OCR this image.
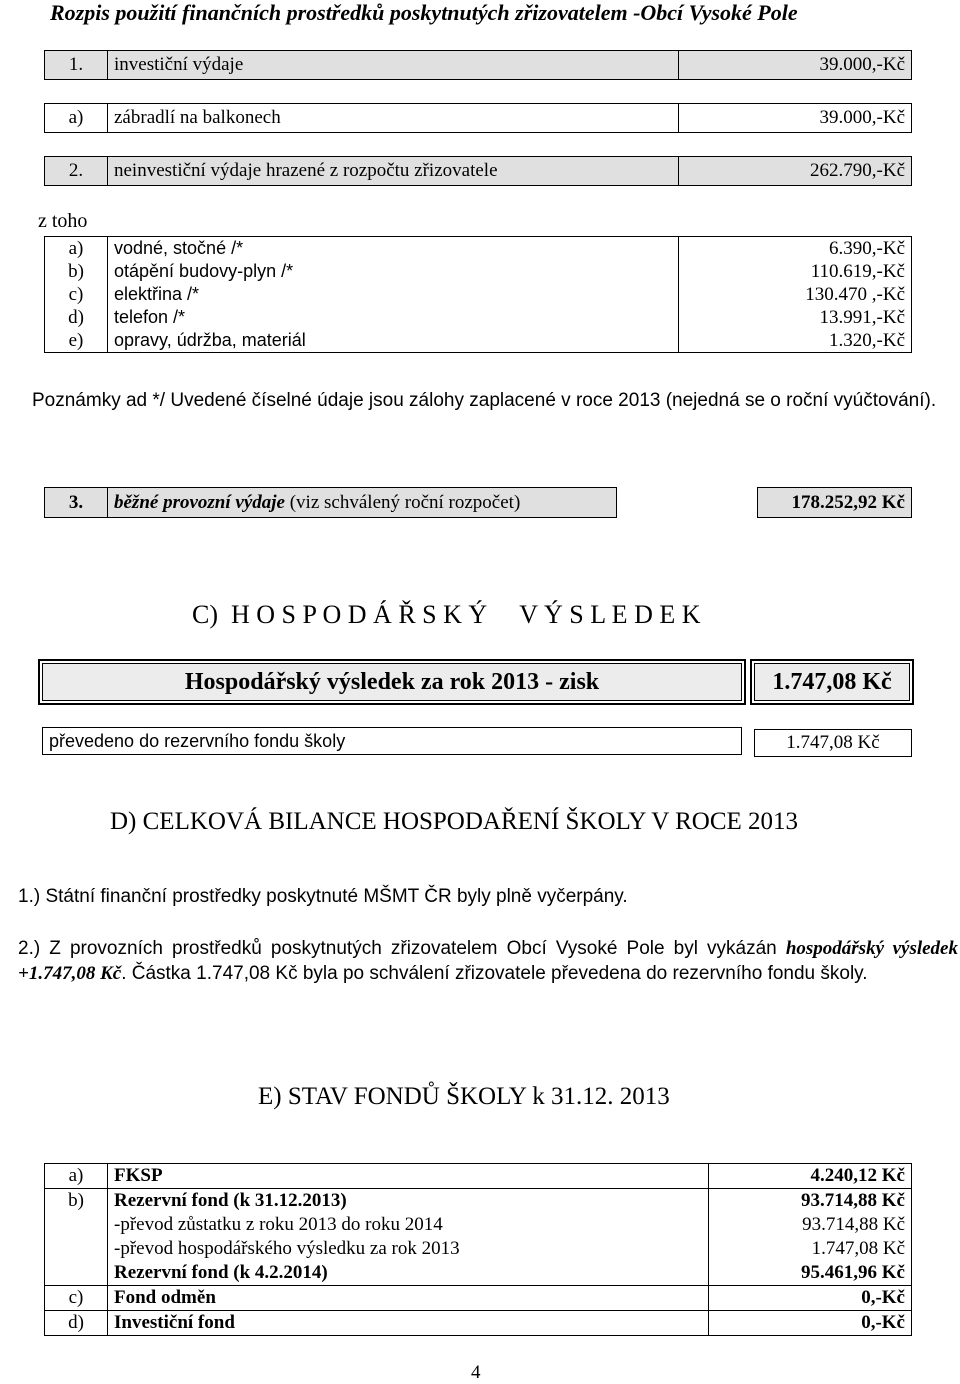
Rozpis použití finančních prostředků poskytnutých zřizovatelem -Obcí Vysoké Pole
1.	investiční výdaje	39.000,-Kč
a)	zábradlí na balkonech	39.000,-Kč
2.	neinvestiční výdaje hrazené z rozpočtu zřizovatele	262.790,-Kč
z toho
a)	vodné, stočné /*	6.390,-Kč
b)	otápění budovy-plyn /*	110.619,-Kč
c)	elektřina /*	130.470 ,-Kč
d)	telefon /*	13.991,-Kč
e)	opravy, údržba, materiál	1.320,-Kč
Poznámky ad */ Uvedené číselné údaje jsou zálohy zaplacené v roce 2013 (nejedná se o roční vyúčtování).
3.	běžné provozní výdaje (viz schválený roční rozpočet)		178.252,92 Kč
C)  H O S P O D Á Ř S K Ý     V Ý S L E D E K
Hospodářský výsledek za rok 2013 - zisk	1.747,08 Kč
převedeno do rezervního fondu školy	1.747,08 Kč
D) CELKOVÁ BILANCE HOSPODAŘENÍ ŠKOLY V ROCE 2013
1.) Státní finanční prostředky poskytnuté MŠMT ČR byly plně vyčerpány.
2.) Z provozních prostředků poskytnutých zřizovatelem Obcí Vysoké Pole byl vykázán hospodářský výsledek +1.747,08 Kč. Částka 1.747,08 Kč byla po schválení zřizovatele převedena do rezervního fondu školy.
E) STAV FONDŮ ŠKOLY k 31.12. 2013
a)	FKSP	4.240,12 Kč
b)	Rezervní fond (k 31.12.2013)	93.714,88 Kč
	-převod zůstatku z roku 2013 do roku 2014	93.714,88 Kč
	-převod hospodářského výsledku za rok 2013	1.747,08 Kč
	Rezervní fond (k 4.2.2014)	95.461,96 Kč
c)	Fond odměn	0,-Kč
d)	Investiční fond	0,-Kč
4
